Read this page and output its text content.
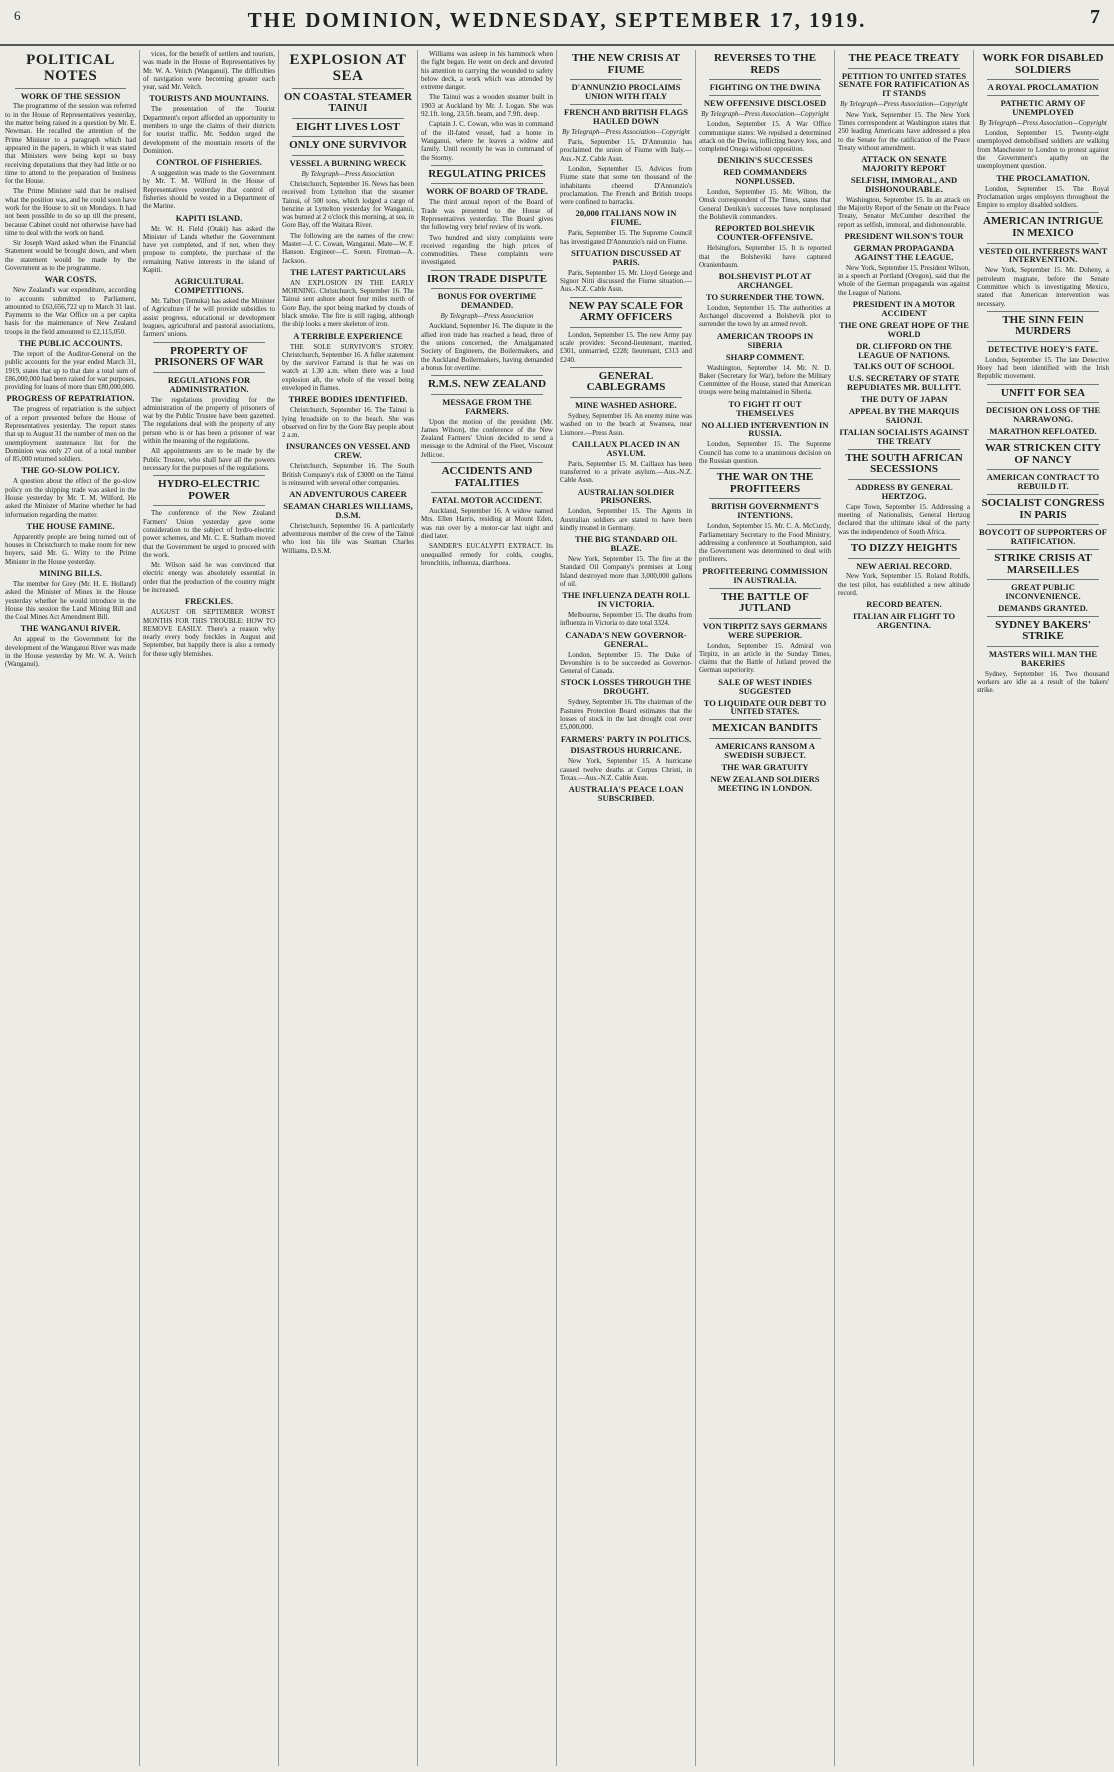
6	THE DOMINION, WEDNESDAY, SEPTEMBER 17, 1919.	7
POLITICAL NOTES
WORK OF THE SESSION

The programme of the session was referred to in the House of Representatives yesterday, the matter being raised in a question by Mr. E. Newman. He recalled the attention of the Prime Minister to a paragraph which had appeared in the papers, in which it was stated that Ministers were being kept so busy receiving deputations that they had little or no time to attend to the preparation of business for the House.

The Prime Minister said that he realised what the position was, and he could soon have work for the House to sit on Mondays. It had not been possible to do so up till the present, because Cabinet could not otherwise have had time to deal with the work on hand.

Sir Joseph Ward asked when the Financial Statement would be brought down, and when the statement would be made by the Government as to the programme.

WAR COSTS.

New Zealand's war expenditure, according to accounts submitted to Parliament, amounted to £63,656,722 up to March 31 last. Payments to the War Office on a per capita basis for the maintenance of New Zealand troops in the field amounted to £2,115,050.

THE PUBLIC ACCOUNTS.

The report of the Auditor-General on the public accounts for the year ended March 31, 1919, states that up to that date a total sum of £86,000,000 had been raised for war purposes, providing for loans of more than £80,000,000.

PROGRESS OF REPATRIATION.

The progress of repatriation is the subject of a report presented before the House of Representatives yesterday. The report states that up to August 31 the number of men on the unemployment sustenance list for the Dominion was only 27 out of a total number of 85,000 returned soldiers.

THE GO-SLOW POLICY.

A question about the effect of the go-slow policy on the shipping trade was asked in the House yesterday by Mr. T. M. Wilford. He asked the Minister of Marine whether he had information regarding the matter.

THE HOUSE FAMINE.

Apparently people are being turned out of houses in Christchurch to make room for new buyers, said Mr. G. Witty to the Prime Minister in the House yesterday.

MINING BILLS.

The member for Grey (Mr. H. E. Holland) asked the Minister of Mines in the House yesterday whether he would introduce in the House this session the Land Mining Bill and the Coal Mines Act Amendment Bill.

THE WANGANUI RIVER.

An appeal to the Government for the development of the Wanganui River was made in the House yesterday by Mr. W. A. Veitch (Wanganui).

vices, for the benefit of settlers and tourists, was made in the House of Representatives by Mr. W. A. Veitch (Wanganui). The difficulties of navigation were becoming greater each year, said Mr. Veitch.

TOURISTS AND MOUNTAINS.

The presentation of the Tourist Department's report afforded an opportunity to members to urge the claims of their districts for tourist traffic. Mr. Seddon urged the development of the mountain resorts of the Dominion.

CONTROL OF FISHERIES.

A suggestion was made to the Government by Mr. T. M. Wilford in the House of Representatives yesterday that control of fisheries should be vested in a Department of the Marine.

KAPITI ISLAND.

Mr. W. H. Field (Otaki) has asked the Minister of Lands whether the Government have yet completed, and if not, when they propose to complete, the purchase of the remaining Native interests in the island of Kapiti.

AGRICULTURAL COMPETITIONS.

Mr. Talbot (Temuka) has asked the Minister of Agriculture if he will provide subsidies to assist progress, educational or development leagues, agricultural and pastoral associations, farmers' unions.

PROPERTY OF PRISONERS OF WAR
REGULATIONS FOR ADMINISTRATION.

The regulations providing for the administration of the property of prisoners of war by the Public Trustee have been gazetted. The regulations deal with the property of any person who is or has been a prisoner of war within the meaning of the regulations.

All appointments are to be made by the Public Trustee, who shall have all the powers necessary for the purposes of the regulations.

HYDRO-ELECTRIC POWER

The conference of the New Zealand Farmers' Union yesterday gave some consideration to the subject of hydro-electric power schemes, and Mr. C. E. Statham moved that the Government be urged to proceed with the work.

Mr. Wilson said he was convinced that electric energy was absolutely essential in order that the production of the country might be increased.

FRECKLES.

AUGUST OR SEPTEMBER WORST MONTHS FOR THIS TROUBLE: HOW TO REMOVE EASILY. There's a reason why nearly every body freckles in August and September, but happily there is also a remedy for these ugly blemishes.

EXPLOSION AT SEA
ON COASTAL STEAMER TAINUI
EIGHT LIVES LOST
ONLY ONE SURVIVOR
VESSEL A BURNING WRECK
By Telegraph—Press Association

Christchurch, September 16. News has been received from Lyttelton that the steamer Tainui, of 500 tons, which lodged a cargo of benzine at Lyttelton yesterday for Wanganui, was burned at 2 o'clock this morning, at sea, in Gore Bay, off the Waitara River.

The following are the names of the crew: Master—J. C. Cowan, Wanganui. Mate—W. F. Hanson. Engineer—C. Soren. Fireman—A. Jackson.

THE LATEST PARTICULARS

AN EXPLOSION IN THE EARLY MORNING. Christchurch, September 16. The Tainui sent ashore about four miles north of Gore Bay, the spot being marked by clouds of black smoke. The fire is still raging, although the ship looks a mere skeleton of iron.

A TERRIBLE EXPERIENCE

THE SOLE SURVIVOR'S STORY. Christchurch, September 16. A fuller statement by the survivor Farrand is that he was on watch at 1.30 a.m. when there was a loud explosion aft, the whole of the vessel being enveloped in flames.

THREE BODIES IDENTIFIED.

Christchurch, September 16. The Tainui is lying broadside on to the beach. She was observed on fire by the Gore Bay people about 2 a.m.

INSURANCES ON VESSEL AND CREW.

Christchurch, September 16. The South British Company's risk of £3000 on the Tainui is reinsured with several other companies.

AN ADVENTUROUS CAREER
SEAMAN CHARLES WILLIAMS, D.S.M.

Christchurch, September 16. A particularly adventurous member of the crew of the Tainui who lost his life was Seaman Charles Williams, D.S.M.

Williams was asleep in his hammock when the fight began. He went on deck and devoted his attention to carrying the wounded to safety below deck, a work which was attended by extreme danger.

The Tainui was a wooden steamer built in 1903 at Auckland by Mr. J. Logan. She was 92.1ft. long, 23.5ft. beam, and 7.9ft. deep.

Captain J. C. Cowan, who was in command of the ill-fated vessel, had a home in Wanganui, where he leaves a widow and family. Until recently he was in command of the Stormy.

REGULATING PRICES
WORK OF BOARD OF TRADE.

The third annual report of the Board of Trade was presented to the House of Representatives yesterday. The Board gives the following very brief review of its work.

Two hundred and sixty complaints were received regarding the high prices of commodities. These complaints were investigated.

IRON TRADE DISPUTE
BONUS FOR OVERTIME DEMANDED.
By Telegraph—Press Association

Auckland, September 16. The dispute in the allied iron trade has reached a head, three of the unions concerned, the Amalgamated Society of Engineers, the Boilermakers, and the Auckland Boilermakers, having demanded a bonus for overtime.

R.M.S. NEW ZEALAND
MESSAGE FROM THE FARMERS.

Upon the motion of the president (Mr. James Wilson), the conference of the New Zealand Farmers' Union decided to send a message to the Admiral of the Fleet, Viscount Jellicoe.

ACCIDENTS AND FATALITIES
FATAL MOTOR ACCIDENT.

Auckland, September 16. A widow named Mrs. Ellen Harris, residing at Mount Eden, was run over by a motor-car last night and died later.

SANDER'S EUCALYPTI EXTRACT. Its unequalled remedy for colds, coughs, bronchitis, influenza, diarrhoea.

THE NEW CRISIS AT FIUME
D'ANNUNZIO PROCLAIMS UNION WITH ITALY
FRENCH AND BRITISH FLAGS HAULED DOWN
By Telegraph—Press Association—Copyright

Paris, September 15. D'Annunzio has proclaimed the union of Fiume with Italy.—Aus.-N.Z. Cable Assn.

London, September 15. Advices from Fiume state that some ten thousand of the inhabitants cheered D'Annunzio's proclamation. The French and British troops were confined to barracks.

20,000 ITALIANS NOW IN FIUME.

Paris, September 15. The Supreme Council has investigated D'Annunzio's raid on Fiume.

SITUATION DISCUSSED AT PARIS.

Paris, September 15. Mr. Lloyd George and Signor Nitti discussed the Fiume situation.—Aus.-N.Z. Cable Assn.

NEW PAY SCALE FOR ARMY OFFICERS

London, September 15. The new Army pay scale provides: Second-lieutenant, married, £301, unmarried, £228; lieutenant, £313 and £240.

GENERAL CABLEGRAMS
MINE WASHED ASHORE.

Sydney, September 16. An enemy mine was washed on to the beach at Swansea, near Lismore.—Press Assn.

CAILLAUX PLACED IN AN ASYLUM.

Paris, September 15. M. Caillaux has been transferred to a private asylum.—Aus.-N.Z. Cable Assn.

AUSTRALIAN SOLDIER PRISONERS.

London, September 15. The Agents in Australian soldiers are stated to have been kindly treated in Germany.

THE BIG STANDARD OIL BLAZE.

New York, September 15. The fire at the Standard Oil Company's premises at Long Island destroyed more than 3,000,000 gallons of oil.

THE INFLUENZA DEATH ROLL IN VICTORIA.

Melbourne, September 15. The deaths from influenza in Victoria to date total 3324.

CANADA'S NEW GOVERNOR-GENERAL.

London, September 15. The Duke of Devonshire is to be succeeded as Governor-General of Canada.

STOCK LOSSES THROUGH THE DROUGHT.

Sydney, September 16. The chairman of the Pastures Protection Board estimates that the losses of stock in the last drought cost over £5,000,000.

FARMERS' PARTY IN POLITICS.
DISASTROUS HURRICANE.

New York, September 15. A hurricane caused twelve deaths at Corpus Christi, in Texas.—Aus.-N.Z. Cable Assn.

AUSTRALIA'S PEACE LOAN SUBSCRIBED.
REVERSES TO THE REDS
FIGHTING ON THE DWINA
NEW OFFENSIVE DISCLOSED
By Telegraph—Press Association—Copyright

London, September 15. A War Office communique states: We repulsed a determined attack on the Dwina, inflicting heavy loss, and completed Onega without opposition.

DENIKIN'S SUCCESSES
RED COMMANDERS NONPLUSSED.

London, September 15. Mr. Wilton, the Omsk correspondent of The Times, states that General Denikin's successes have nonplussed the Bolshevik commanders.

REPORTED BOLSHEVIK COUNTER-OFFENSIVE.

Helsingfors, September 15. It is reported that the Bolsheviki have captured Oranienbaum.

BOLSHEVIST PLOT AT ARCHANGEL
TO SURRENDER THE TOWN.

London, September 15. The authorities at Archangel discovered a Bolshevik plot to surrender the town by an armed revolt.

AMERICAN TROOPS IN SIBERIA
SHARP COMMENT.

Washington, September 14. Mr. N. D. Baker (Secretary for War), before the Military Committee of the House, stated that American troops were being maintained in Siberia.

TO FIGHT IT OUT THEMSELVES
NO ALLIED INTERVENTION IN RUSSIA.

London, September 15. The Supreme Council has come to a unanimous decision on the Russian question.

THE WAR ON THE PROFITEERS
BRITISH GOVERNMENT'S INTENTIONS.

London, September 15. Mr. C. A. McCurdy, Parliamentary Secretary to the Food Ministry, addressing a conference at Southampton, said the Government was determined to deal with profiteers.

PROFITEERING COMMISSION IN AUSTRALIA.
THE BATTLE OF JUTLAND
VON TIRPITZ SAYS GERMANS WERE SUPERIOR.

London, September 15. Admiral von Tirpitz, in an article in the Sunday Times, claims that the Battle of Jutland proved the German superiority.

SALE OF WEST INDIES SUGGESTED
TO LIQUIDATE OUR DEBT TO UNITED STATES.
MEXICAN BANDITS
AMERICANS RANSOM A SWEDISH SUBJECT.
THE WAR GRATUITY
NEW ZEALAND SOLDIERS MEETING IN LONDON.
THE PEACE TREATY
PETITION TO UNITED STATES SENATE FOR RATIFICATION AS IT STANDS
By Telegraph—Press Association—Copyright

New York, September 15. The New York Times correspondent at Washington states that 250 leading Americans have addressed a plea to the Senate for the ratification of the Peace Treaty without amendment.

ATTACK ON SENATE MAJORITY REPORT
SELFISH, IMMORAL, AND DISHONOURABLE.

Washington, September 15. In an attack on the Majority Report of the Senate on the Peace Treaty, Senator McCumber described the report as selfish, immoral, and dishonourable.

PRESIDENT WILSON'S TOUR
GERMAN PROPAGANDA AGAINST THE LEAGUE.

New York, September 15. President Wilson, in a speech at Portland (Oregon), said that the whole of the German propaganda was against the League of Nations.

PRESIDENT IN A MOTOR ACCIDENT
THE ONE GREAT HOPE OF THE WORLD
DR. CLIFFORD ON THE LEAGUE OF NATIONS.
TALKS OUT OF SCHOOL
U.S. SECRETARY OF STATE REPUDIATES MR. BULLITT.
THE DUTY OF JAPAN
APPEAL BY THE MARQUIS SAIONJI.
ITALIAN SOCIALISTS AGAINST THE TREATY
THE SOUTH AFRICAN SECESSIONS
ADDRESS BY GENERAL HERTZOG.

Cape Town, September 15. Addressing a meeting of Nationalists, General Hertzog declared that the ultimate ideal of the party was the independence of South Africa.

TO DIZZY HEIGHTS
NEW AERIAL RECORD.

New York, September 15. Roland Rohlfs, the test pilot, has established a new altitude record.

RECORD BEATEN.
ITALIAN AIR FLIGHT TO ARGENTINA.
WORK FOR DISABLED SOLDIERS
A ROYAL PROCLAMATION
PATHETIC ARMY OF UNEMPLOYED
By Telegraph—Press Association—Copyright

London, September 15. Twenty-eight unemployed demobilised soldiers are walking from Manchester to London to protest against the Government's apathy on the unemployment question.

THE PROCLAMATION.

London, September 15. The Royal Proclamation urges employers throughout the Empire to employ disabled soldiers.

AMERICAN INTRIGUE IN MEXICO
VESTED OIL INTERESTS WANT INTERVENTION.

New York, September 15. Mr. Doheny, a petroleum magnate, before the Senate Committee which is investigating Mexico, stated that American intervention was necessary.

THE SINN FEIN MURDERS
DETECTIVE HOEY'S FATE.

London, September 15. The late Detective Hoey had been identified with the Irish Republic movement.

UNFIT FOR SEA
DECISION ON LOSS OF THE NARRAWONG.
MARATHON REFLOATED.
WAR STRICKEN CITY OF NANCY
AMERICAN CONTRACT TO REBUILD IT.
SOCIALIST CONGRESS IN PARIS
BOYCOTT OF SUPPORTERS OF RATIFICATION.
STRIKE CRISIS AT MARSEILLES
GREAT PUBLIC INCONVENIENCE.
DEMANDS GRANTED.
SYDNEY BAKERS' STRIKE
MASTERS WILL MAN THE BAKERIES

Sydney, September 16. Two thousand workers are idle as a result of the bakers' strike.
